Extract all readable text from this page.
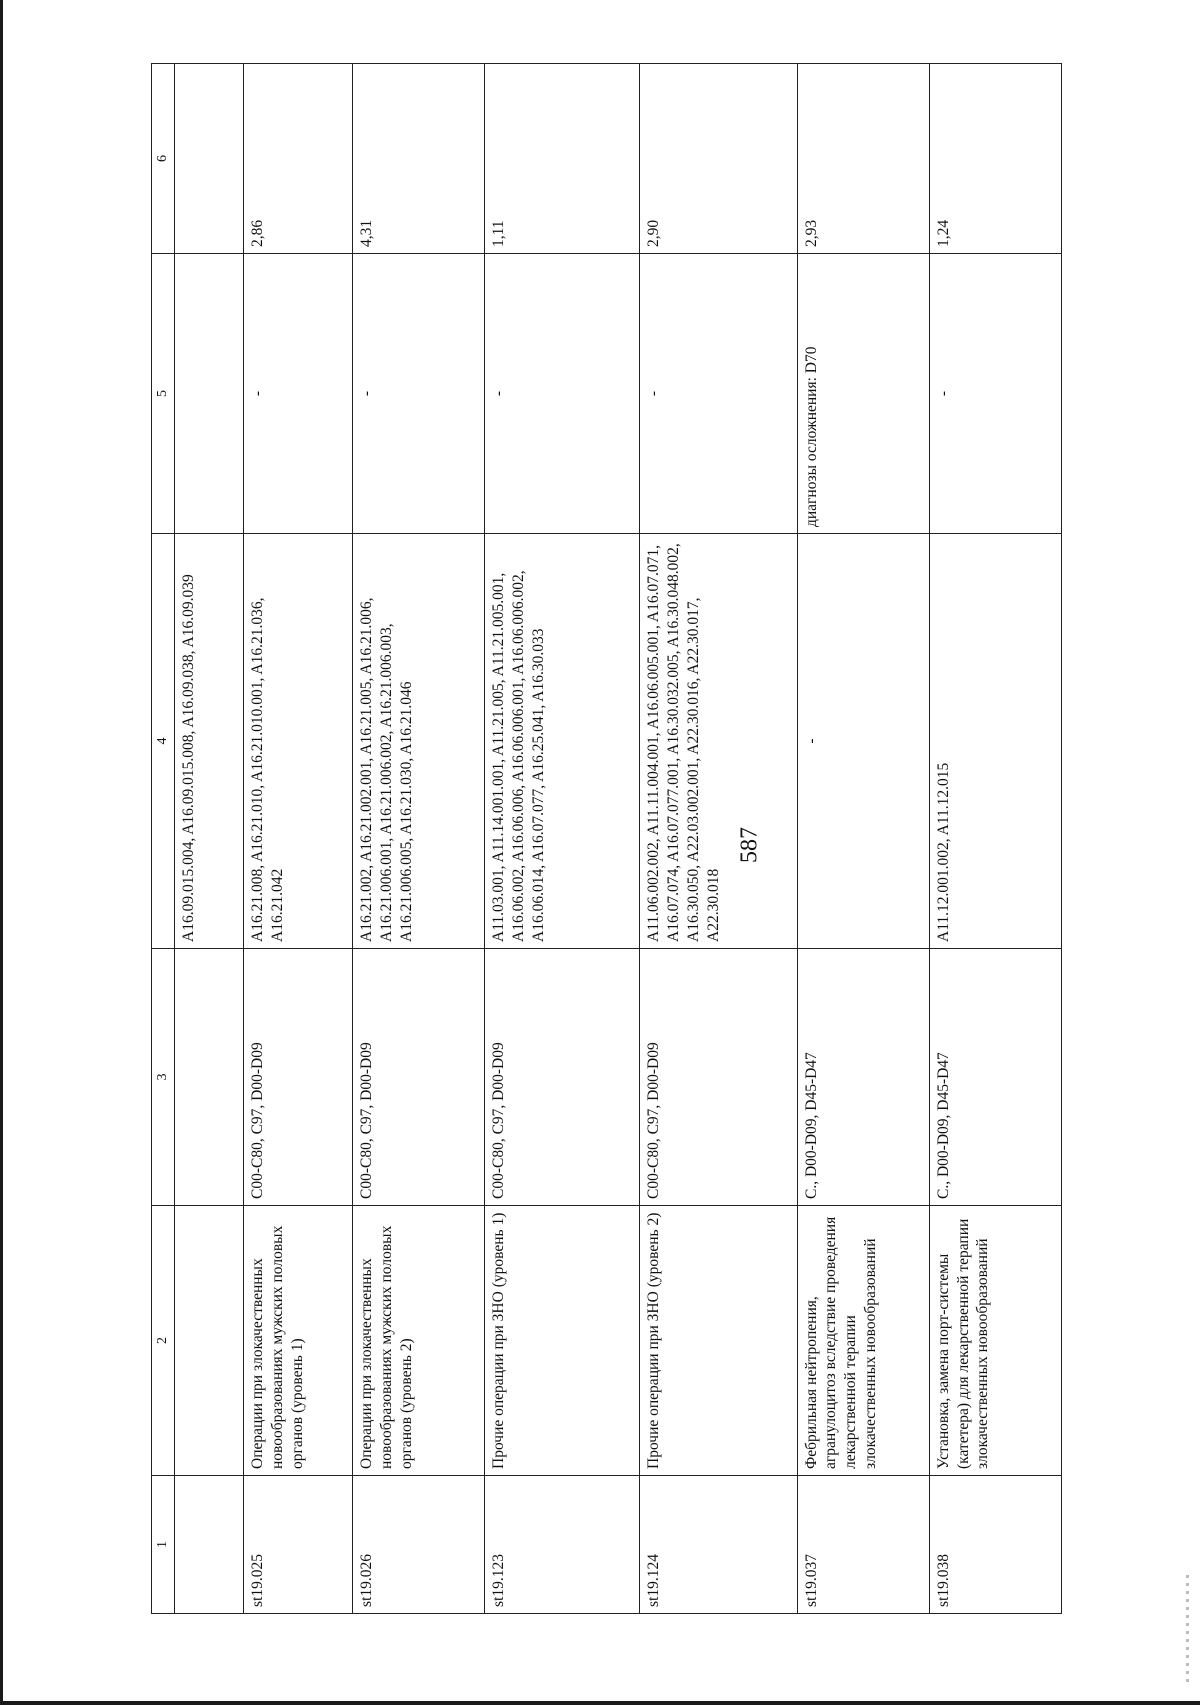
587
1	2	3	4	5	6
			A16.09.015.004, A16.09.015.008, A16.09.038, A16.09.039		
st19.025	Операции при злокачественных новообразованиях мужских половых органов (уровень 1)	C00-C80, C97, D00-D09	A16.21.008, A16.21.010, A16.21.010.001, A16.21.036, A16.21.042	-	2,86
st19.026	Операции при злокачественных новообразованиях мужских половых органов (уровень 2)	C00-C80, C97, D00-D09	A16.21.002, A16.21.002.001, A16.21.005, A16.21.006, A16.21.006.001, A16.21.006.002, A16.21.006.003, A16.21.006.005, A16.21.030, A16.21.046	-	4,31
st19.123	Прочие операции при ЗНО (уровень 1)	C00-C80, C97, D00-D09	A11.03.001, A11.14.001.001, A11.21.005, A11.21.005.001, A16.06.002, A16.06.006, A16.06.006.001, A16.06.006.002, A16.06.014, A16.07.077, A16.25.041, A16.30.033	-	1,11
st19.124	Прочие операции при ЗНО (уровень 2)	C00-C80, C97, D00-D09	A11.06.002.002, A11.11.004.001, A16.06.005.001, A16.07.071, A16.07.074, A16.07.077.001, A16.30.032.005, A16.30.048.002, A16.30.050, A22.03.002.001, A22.30.016, A22.30.017, A22.30.018	-	2,90
st19.037	Фебрильная нейтропения, агранулоцитоз вследствие проведения лекарственной терапии злокачественных новообразований	C., D00-D09, D45-D47	-	диагнозы осложнения: D70	2,93
st19.038	Установка, замена порт-системы (катетера) для лекарственной терапии злокачественных новообразований	C., D00-D09, D45-D47	A11.12.001.002, A11.12.015	-	1,24
